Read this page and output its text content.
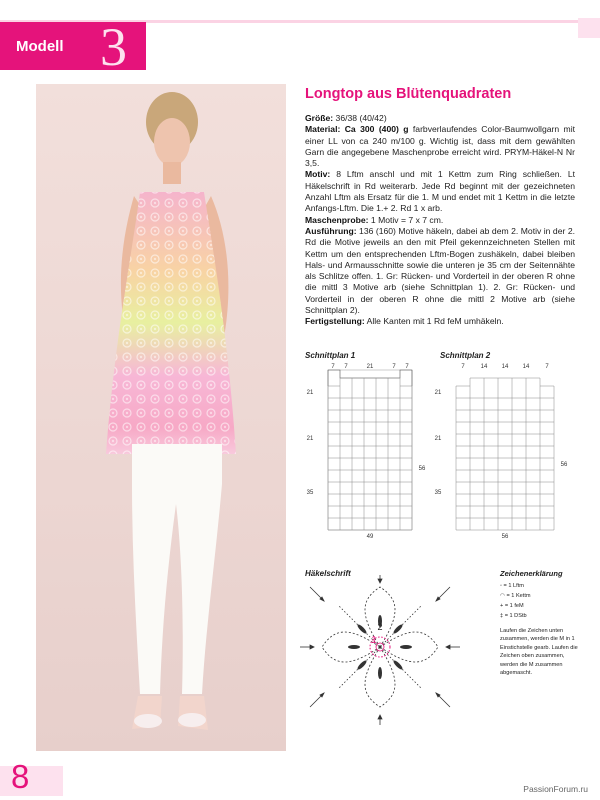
Modell 3
Longtop aus Blütenquadraten

Größe: 36/38 (40/42)

Material: Ca 300 (400) g farbverlaufendes Color-Baumwollgarn mit einer LL von ca 240 m/100 g. Wichtig ist, dass mit dem gewählten Garn die angegebene Maschenprobe erreicht wird. PRYM-Häkel-N Nr 3,5.

Motiv: 8 Lftm anschl und mit 1 Kettm zum Ring schließen. Lt Häkelschrift in Rd weiterarb. Jede Rd beginnt mit der gezeichneten Anzahl Lftm als Ersatz für die 1. M und endet mit 1 Kettm in die letzte Anfangs-Lftm. Die 1.+ 2. Rd 1 x arb.

Maschenprobe: 1 Motiv = 7 x 7 cm.

Ausführung: 136 (160) Motive häkeln, dabei ab dem 2. Motiv in der 2. Rd die Motive jeweils an den mit Pfeil gekennzeichneten Stellen mit Kettm um den entsprechenden Lftm-Bogen zushäkeln, dabei bleiben Hals- und Armausschnitte sowie die unteren je 35 cm der Seitennähte als Schlitze offen. 1. Gr: Rücken- und Vorderteil in der oberen R ohne die mittl 3 Motive arb (siehe Schnittplan 1). 2. Gr: Rücken- und Vorderteil in der oberen R ohne die mittl 2 Motive arb (siehe Schnittplan 2).

Fertigstellung: Alle Kanten mit 1 Rd feM umhäkeln.

Schnittplan 1
7 7	21	7 7
21
21
35
56
49
Schnittplan 2
7	14 14 14	7
21
21
35
56
56
Häkelschrift
2
1
Zeichenerklärung
◦ = 1 Lftm
◠ = 1 Kettm
+ = 1 feM
‡ = 1 DStb
Laufen die Zeichen unten zusammen, werden die M in 1 Einstichstelle gearb. Laufen die Zeichen oben zusammen, werden die M zusammen abgemascht.
8	PassionForum.ru
